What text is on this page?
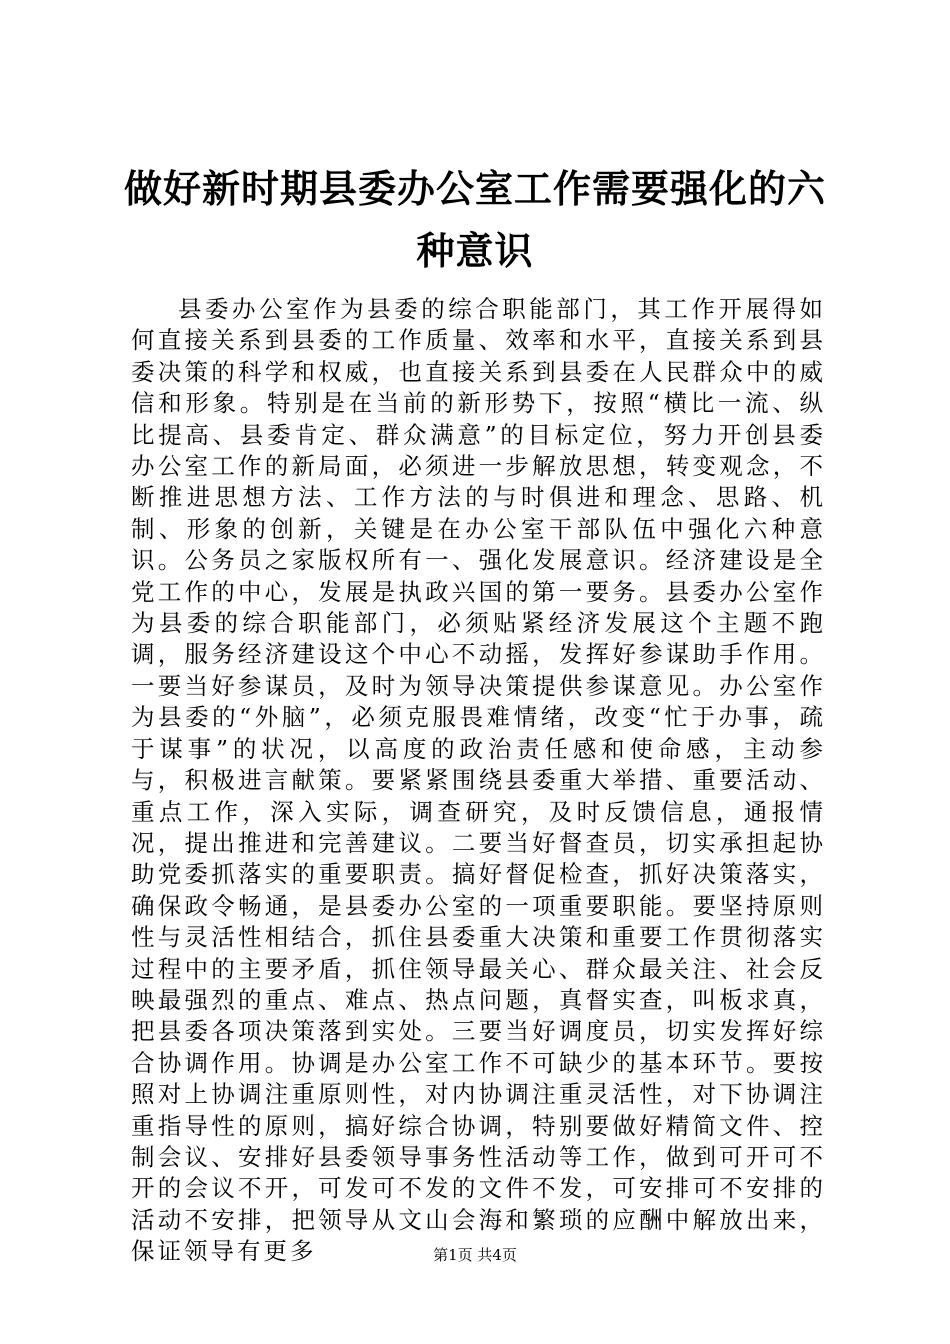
做好新时期县委办公室工作需要强化的六种意识

县委办公室作为县委的综合职能部门，其工作开展得如何直接关系到县委的工作质量、效率和水平，直接关系到县委决策的科学和权威，也直接关系到县委在人民群众中的威信和形象。特别是在当前的新形势下，按照“横比一流、纵比提高、县委肯定、群众满意”的目标定位，努力开创县委办公室工作的新局面，必须进一步解放思想，转变观念，不断推进思想方法、工作方法的与时俱进和理念、思路、机制、形象的创新，关键是在办公室干部队伍中强化六种意识。公务员之家版权所有一、强化发展意识。经济建设是全党工作的中心，发展是执政兴国的第一要务。县委办公室作为县委的综合职能部门，必须贴紧经济发展这个主题不跑调，服务经济建设这个中心不动摇，发挥好参谋助手作用。一要当好参谋员，及时为领导决策提供参谋意见。办公室作为县委的“外脑”，必须克服畏难情绪，改变“忙于办事，疏于谋事”的状况，以高度的政治责任感和使命感，主动参与，积极进言献策。要紧紧围绕县委重大举措、重要活动、重点工作，深入实际，调查研究，及时反馈信息，通报情况，提出推进和完善建议。二要当好督查员，切实承担起协助党委抓落实的重要职责。搞好督促检查，抓好决策落实，确保政令畅通，是县委办公室的一项重要职能。要坚持原则性与灵活性相结合，抓住县委重大决策和重要工作贯彻落实过程中的主要矛盾，抓住领导最关心、群众最关注、社会反映最强烈的重点、难点、热点问题，真督实查，叫板求真，把县委各项决策落到实处。三要当好调度员，切实发挥好综合协调作用。协调是办公室工作不可缺少的基本环节。要按照对上协调注重原则性，对内协调注重灵活性，对下协调注重指导性的原则，搞好综合协调，特别要做好精简文件、控制会议、安排好县委领导事务性活动等工作，做到可开可不开的会议不开，可发可不发的文件不发，可安排可不安排的活动不安排，把领导从文山会海和繁琐的应酬中解放出来，保证领导有更多	第1页 共4页
